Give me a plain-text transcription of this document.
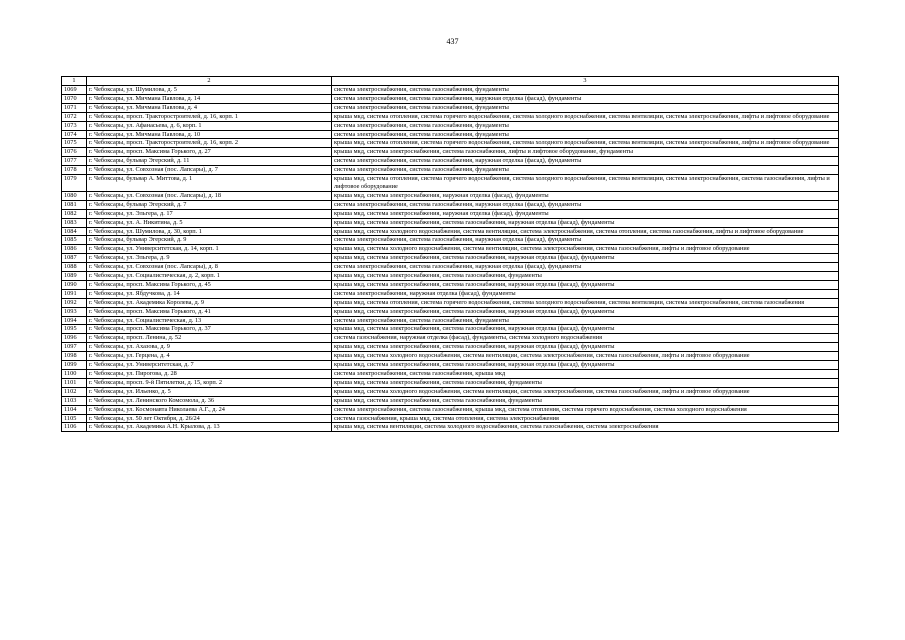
437
1	2	3
1069	г. Чебоксары, ул. Шумилова, д. 5	система электроснабжения, система газоснабжения, фундаменты
1070	г. Чебоксары, ул. Мичмана Павлова, д. 14	система электроснабжения, система газоснабжения, наружная отделка (фасад), фундаменты
1071	г. Чебоксары, ул. Мичмана Павлова, д. 4	система электроснабжения, система газоснабжения, фундаменты
1072	г. Чебоксары, просп. Тракторостроителей, д. 16, корп. 1	крыша мкд, система отопления, система горячего водоснабжения, система холодного водоснабжения, система вентиляции, система электроснабжения, лифты и лифтовое оборудование
1073	г. Чебоксары, ул. Афанасьева, д. 6, корп. 1	система электроснабжения, система газоснабжения, фундаменты
1074	г. Чебоксары, ул. Мичмана Павлова, д. 10	система электроснабжения, система газоснабжения, фундаменты
1075	г. Чебоксары, просп. Тракторостроителей, д. 16, корп. 2	крыша мкд, система отопления, система горячего водоснабжения, система холодного водоснабжения, система вентиляции, система электроснабжения, лифты и лифтовое оборудование
1076	г. Чебоксары, просп. Максима Горького, д. 27	крыша мкд, система электроснабжения, система газоснабжения, лифты и лифтовое оборудование, фундаменты
1077	г. Чебоксары, бульвар Эгерский, д. 11	система электроснабжения, система газоснабжения, наружная отделка (фасад), фундаменты
1078	г. Чебоксары, ул. Совхозная (пос. Лапсары), д. 7	система электроснабжения, система газоснабжения, фундаменты
1079	г. Чебоксары, бульвар А. Миттова, д. 1	крыша мкд, система отопления, система горячего водоснабжения, система холодного водоснабжения, система вентиляции, система электроснабжения, система газоснабжения, лифты и лифтовое оборудование
1080	г. Чебоксары, ул. Совхозная (пос. Лапсары), д. 18	крыша мкд, система электроснабжения, наружная отделка (фасад), фундаменты
1081	г. Чебоксары, бульвар Эгерский, д. 7	система электроснабжения, система газоснабжения, наружная отделка (фасад), фундаменты
1082	г. Чебоксары, ул. Эльгера, д. 17	крыша мкд, система электроснабжения, наружная отделка (фасад), фундаменты
1083	г. Чебоксары, ул. А. Никитина, д. 5	крыша мкд, система электроснабжения, система газоснабжения, наружная отделка (фасад), фундаменты
1084	г. Чебоксары, ул. Шумилова, д. 30, корп. 1	крыша мкд, система холодного водоснабжения, система вентиляции, система электроснабжения, система отопления, система газоснабжения, лифты и лифтовое оборудование
1085	г. Чебоксары, бульвар Эгерский, д. 9	система электроснабжения, система газоснабжения, наружная отделка (фасад), фундаменты
1086	г. Чебоксары, ул. Университетская, д. 14, корп. 1	крыша мкд, система холодного водоснабжения, система вентиляции, система электроснабжения, система газоснабжения, лифты и лифтовое оборудование
1087	г. Чебоксары, ул. Эльгера, д. 9	крыша мкд, система электроснабжения, система газоснабжения, наружная отделка (фасад), фундаменты
1088	г. Чебоксары, ул. Совхозная (пос. Лапсары), д. 8	система электроснабжения, система газоснабжения, наружная отделка (фасад), фундаменты
1089	г. Чебоксары, ул. Социалистическая, д. 2, корп. 1	крыша мкд, система электроснабжения, система газоснабжения, фундаменты
1090	г. Чебоксары, просп. Максима Горького, д. 45	крыша мкд, система электроснабжения, система газоснабжения, наружная отделка (фасад), фундаменты
1091	г. Чебоксары, ул. Ябдучкова, д. 14	система электроснабжения, наружная отделка (фасад), фундаменты
1092	г. Чебоксары, ул. Академика Королева, д. 9	крыша мкд, система отопления, система горячего водоснабжения, система холодного водоснабжения, система вентиляции, система электроснабжения, система газоснабжения
1093	г. Чебоксары, просп. Максима Горького, д. 41	крыша мкд, система электроснабжения, система газоснабжения, наружная отделка (фасад), фундаменты
1094	г. Чебоксары, ул. Социалистическая, д. 13	система электроснабжения, система газоснабжения, фундаменты
1095	г. Чебоксары, просп. Максима Горького, д. 37	крыша мкд, система электроснабжения, система газоснабжения, наружная отделка (фасад), фундаменты
1096	г. Чебоксары, просп. Ленина, д. 52	система газоснабжения, наружная отделка (фасад), фундаменты, система холодного водоснабжения
1097	г. Чебоксары, ул. Ахазова, д. 9	крыша мкд, система электроснабжения, система газоснабжения, наружная отделка (фасад), фундаменты
1098	г. Чебоксары, ул. Герцена, д. 4	крыша мкд, система холодного водоснабжения, система вентиляции, система электроснабжения, система газоснабжения, лифты и лифтовое оборудование
1099	г. Чебоксары, ул. Университетская, д. 7	крыша мкд, система электроснабжения, система газоснабжения, наружная отделка (фасад), фундаменты
1100	г. Чебоксары, ул. Пирогова, д. 28	система электроснабжения, система газоснабжения, крыша мкд
1101	г. Чебоксары, просп. 9-й Пятилетки, д. 15, корп. 2	крыша мкд, система электроснабжения, система газоснабжения, фундаменты
1102	г. Чебоксары, ул. Ильенко, д. 5	крыша мкд, система холодного водоснабжения, система вентиляции, система электроснабжения, система газоснабжения, лифты и лифтовое оборудование
1103	г. Чебоксары, ул. Ленинского Комсомола, д. 36	крыша мкд, система электроснабжения, система газоснабжения, фундаменты
1104	г. Чебоксары, ул. Космонавта Николаева А.Г., д. 24	система электроснабжения, система газоснабжения, крыша мкд, система отопления, система горячего водоснабжения, система холодного водоснабжения
1105	г. Чебоксары, ул. 50 лет Октября, д. 26/24	система газоснабжения, крыша мкд, система отопления, система электроснабжения
1106	г. Чебоксары, ул. Академика А.Н. Крылова, д. 13	крыша мкд, система вентиляции, система холодного водоснабжения, система газоснабжения, система электроснабжения
